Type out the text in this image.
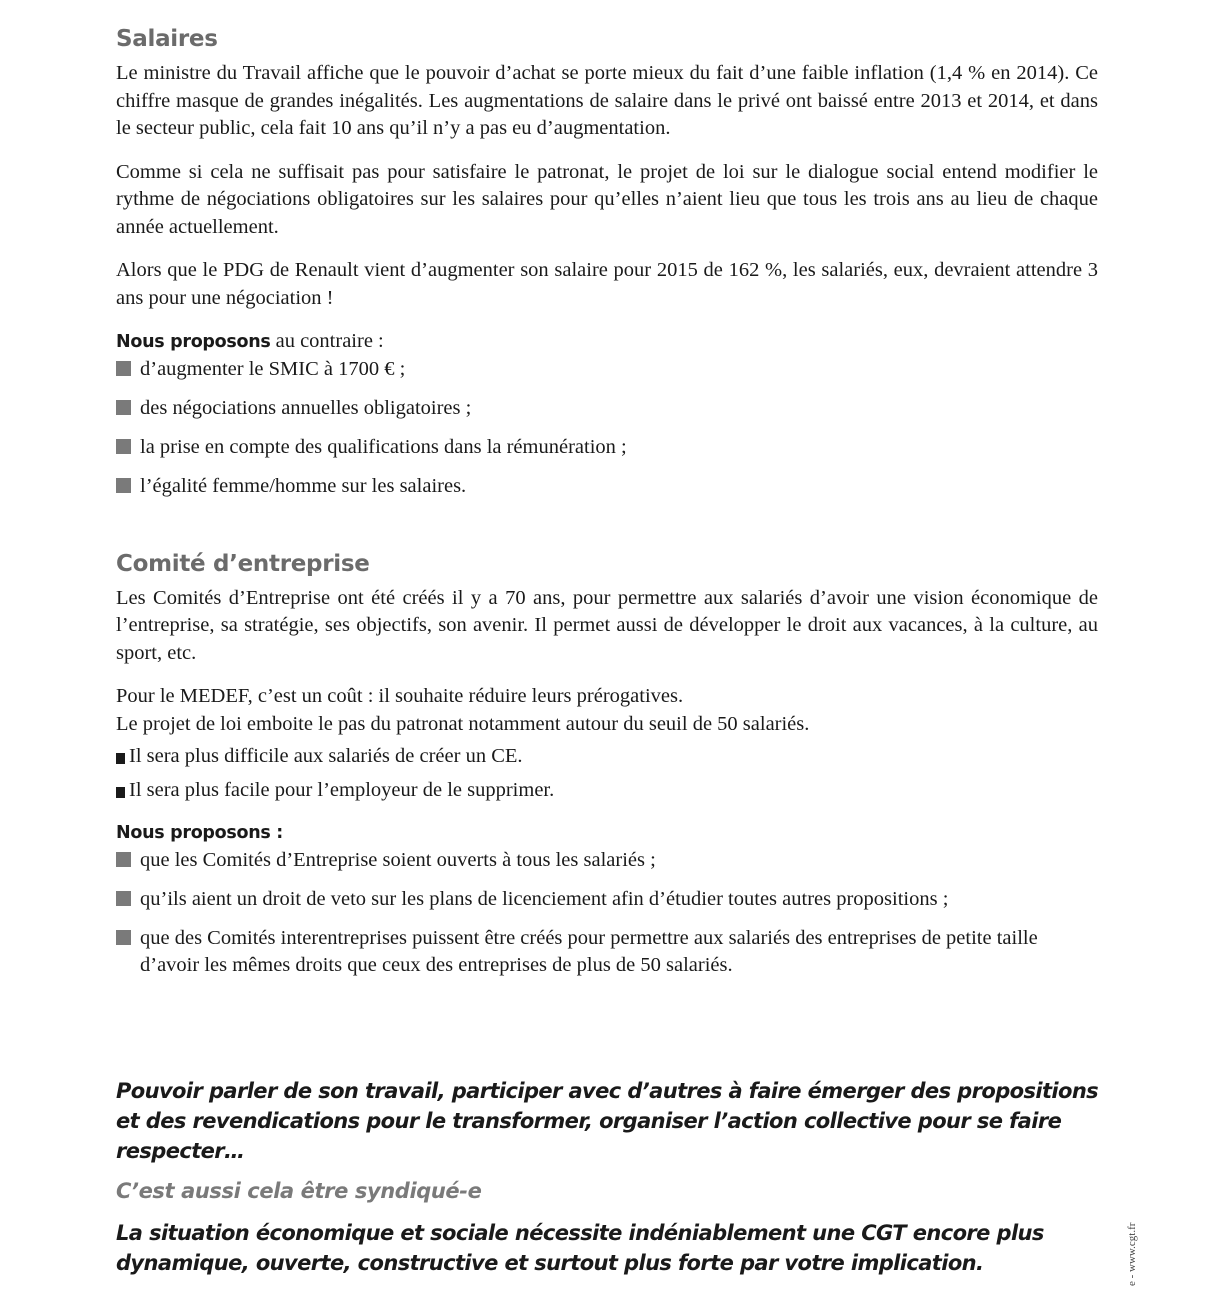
Salaires

Le ministre du Travail affiche que le pouvoir d’achat se porte mieux du fait d’une faible inflation (1,4 % en 2014). Ce chiffre masque de grandes inégalités. Les augmentations de salaire dans le privé ont baissé entre 2013 et 2014, et dans le secteur public, cela fait 10 ans qu’il n’y a pas eu d’augmentation.

Comme si cela ne suffisait pas pour satisfaire le patronat, le projet de loi sur le dialogue social entend modifier le rythme de négociations obligatoires sur les salaires pour qu’elles n’aient lieu que tous les trois ans au lieu de chaque année actuellement.

Alors que le PDG de Renault vient d’augmenter son salaire pour 2015 de 162 %, les salariés, eux, devraient attendre 3 ans pour une négociation !

Nous proposons au contraire :

d’augmenter le SMIC à 1700 € ;
des négociations annuelles obligatoires ;
la prise en compte des qualifications dans la rémunération ;
l’égalité femme/homme sur les salaires.
Comité d’entreprise

Les Comités d’Entreprise ont été créés il y a 70 ans, pour permettre aux salariés d’avoir une vision économique de l’entreprise, sa stratégie, ses objectifs, son avenir. Il permet aussi de développer le droit aux vacances, à la culture, au sport, etc.

Pour le MEDEF, c’est un coût : il souhaite réduire leurs prérogatives.

Le projet de loi emboite le pas du patronat notamment autour du seuil de 50 salariés.

Il sera plus difficile aux salariés de créer un CE.
Il sera plus facile pour l’employeur de le supprimer.

Nous proposons :

que les Comités d’Entreprise soient ouverts à tous les salariés ;
qu’ils aient un droit de veto sur les plans de licenciement afin d’étudier toutes autres propositions ;
que des Comités interentreprises puissent être créés pour permettre aux salariés des entreprises de petite taille d’avoir les mêmes droits que ceux des entreprises de plus de 50 salariés.

Pouvoir parler de son travail, participer avec d’autres à faire émerger des propositions et des revendications pour le transformer, organiser l’action collective pour se faire respecter…

C’est aussi cela être syndiqué-e

La situation économique et sociale nécessite indéniablement une CGT encore plus dynamique, ouverte, constructive et surtout plus forte par votre implication.	e - www.cgt.fr
